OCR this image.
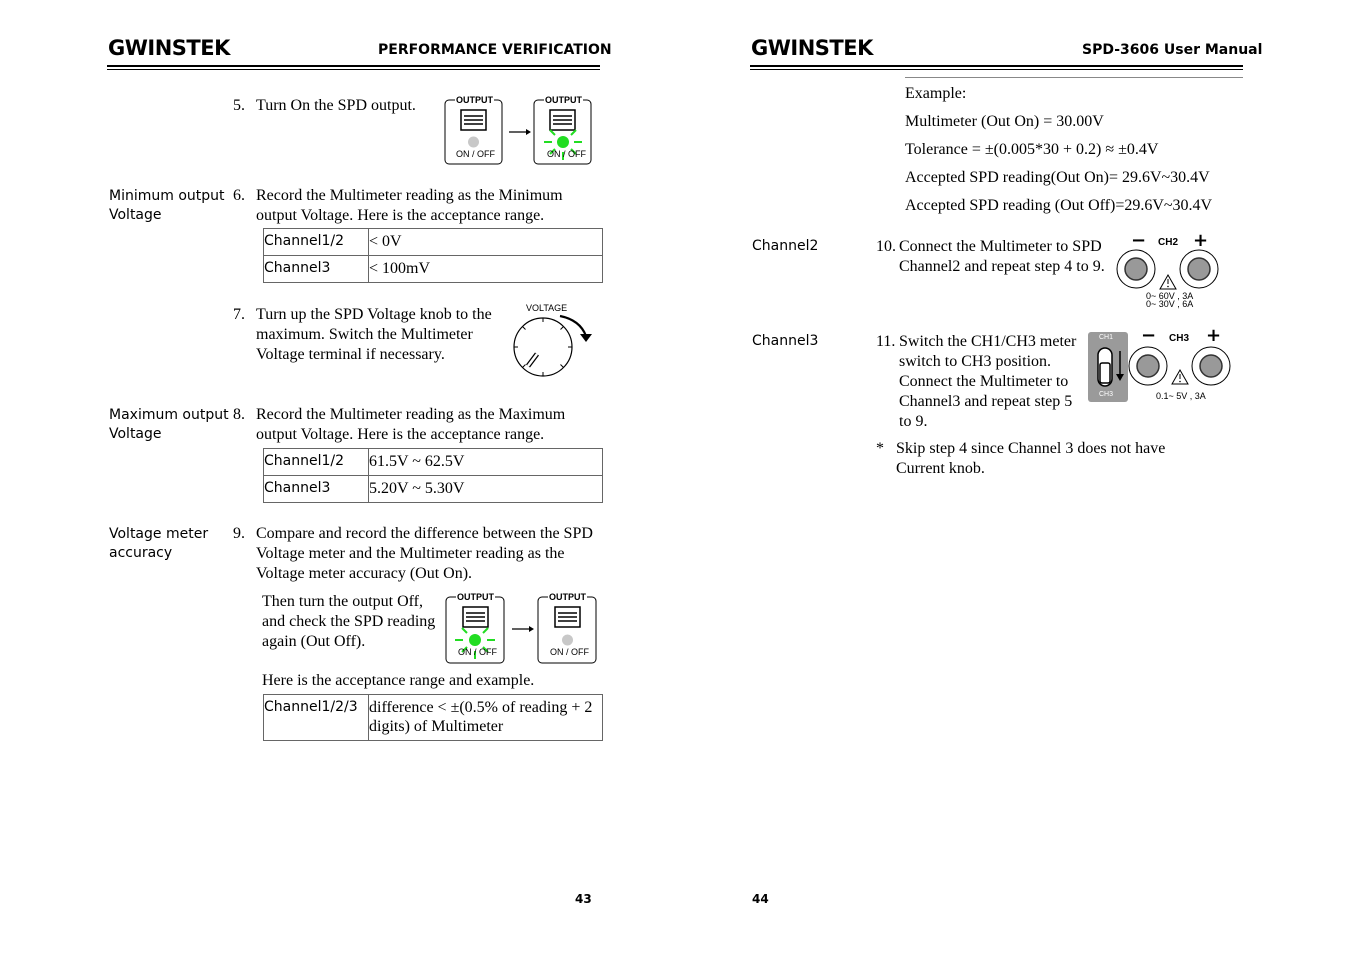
GWINSTEK	PERFORMANCE VERIFICATION
5. Turn On the SPD output.	OUTPUT
ON / OFF
OUTPUT
ON / OFF
Minimum output Voltage
6. Record the Multimeter reading as the Minimum output Voltage. Here is the acceptance range.
Channel1/2	< 0V
Channel3	< 100mV
7. Turn up the SPD Voltage knob to the maximum. Switch the Multimeter Voltage terminal if necessary.
VOLTAGE
Maximum output Voltage
8. Record the Multimeter reading as the Maximum output Voltage. Here is the acceptance range.
Channel1/2	61.5V ~ 62.5V
Channel3	5.20V ~ 5.30V
Voltage meter accuracy
9. Compare and record the difference between the SPD Voltage meter and the Multimeter reading as the Voltage meter accuracy (Out On).
Then turn the output Off, and check the SPD reading again (Out Off).
OUTPUT
ON / OFF
OUTPUT
ON / OFF
Here is the acceptance range and example.
Channel1/2/3	difference < ±(0.5% of reading + 2 digits) of Multimeter
43
GWINSTEK	SPD-3606 User Manual
Example:
Multimeter (Out On) = 30.00V
Tolerance = ±(0.005*30 + 0.2) ≈ ±0.4V
Accepted SPD reading(Out On)= 29.6V~30.4V
Accepted SPD reading (Out Off)=29.6V~30.4V
Channel2	10. Connect the Multimeter to SPD Channel2 and repeat step 4 to 9.
− CH2 +
0~ 60V , 3A
0~ 30V , 6A
Channel3	11. Switch the CH1/CH3 meter switch to CH3 position. Connect the Multimeter to Channel3 and repeat step 5 to 9.
CH1
CH3
− CH3 +
0.1~ 5V , 3A
* Skip step 4 since Channel 3 does not have Current knob.
44
